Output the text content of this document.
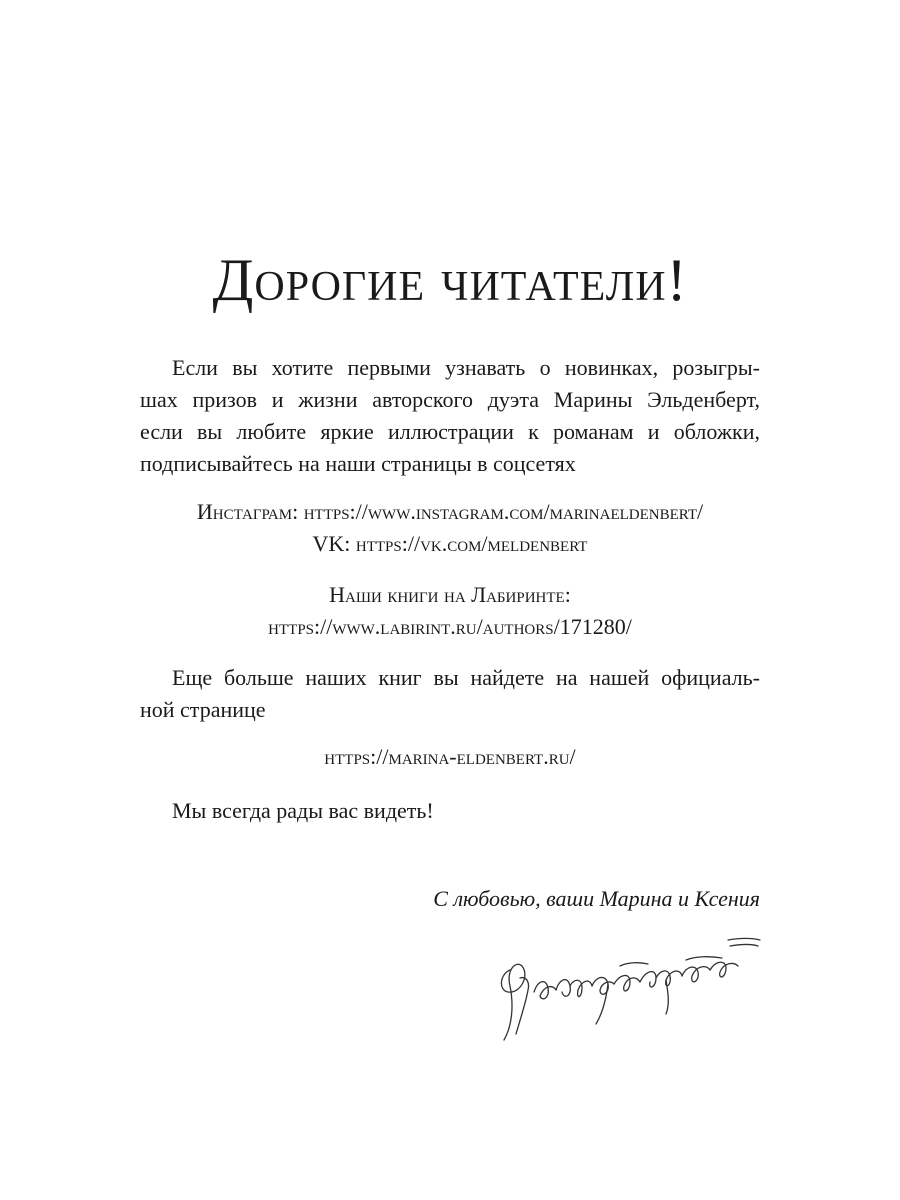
Дорогие читатели!

Если вы хотите первыми узнавать о новинках, розыгры-
шах призов и жизни авторского дуэта Марины Эльденберт,
если вы любите яркие иллюстрации к романам и обложки,
подписывайтесь на наши страницы в соцсетях

Инстаграм: https://www.instagram.com/marinaeldenbert/
VK: https://vk.com/meldenbert

Наши книги на Лабиринте:
https://www.labirint.ru/authors/171280/

Еще больше наших книг вы найдете на нашей официаль-
ной странице

https://marina-eldenbert.ru/

Мы всегда рады вас видеть!

С любовью, ваши Марина и Ксения
